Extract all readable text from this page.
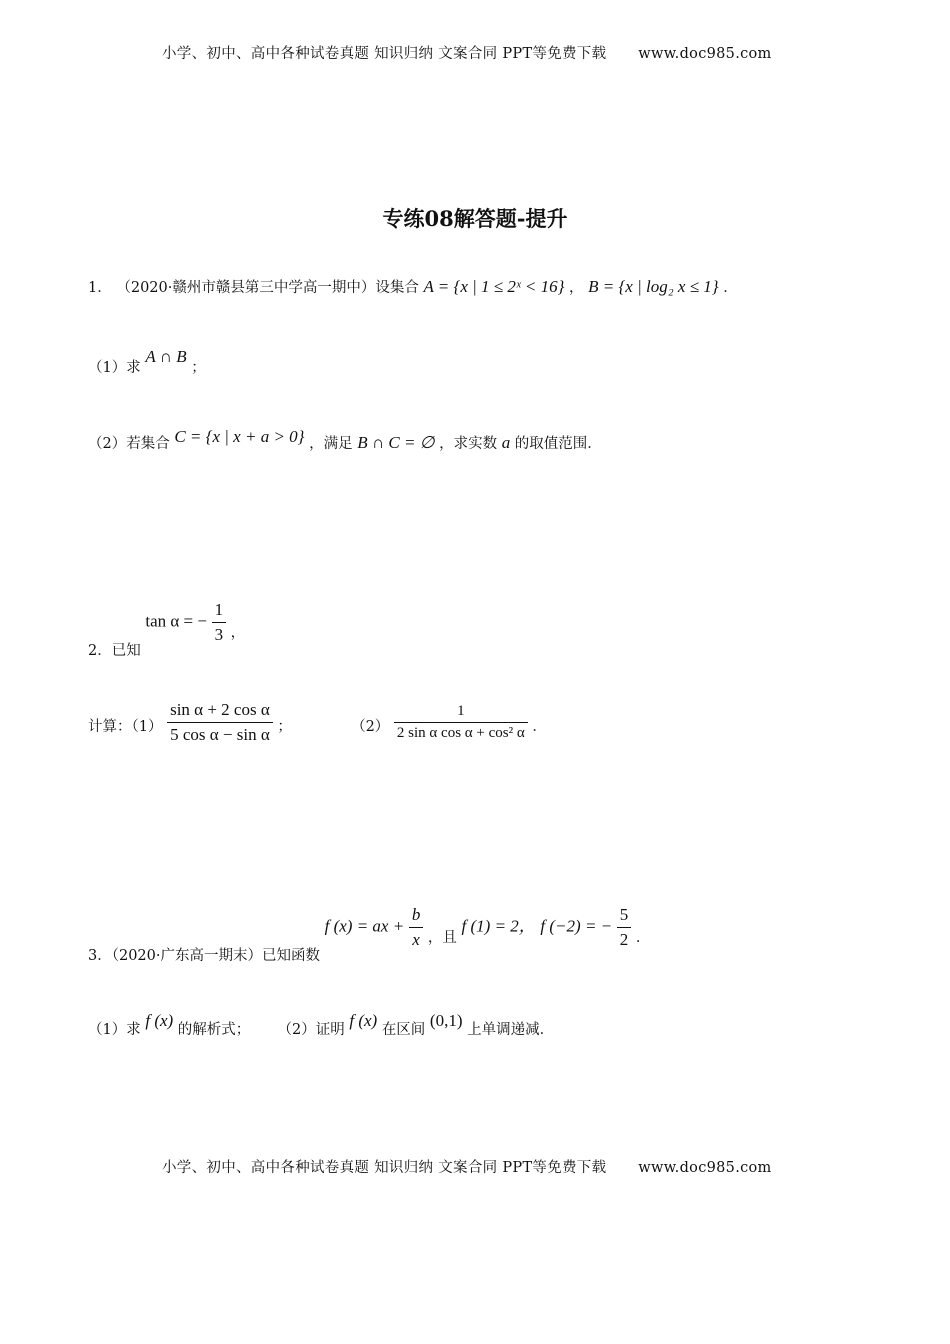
小学、初中、高中各种试卷真题 知识归纳 文案合同 PPT等免费下载 www.doc985.com
专练08解答题-提升
1． （2020·赣州市赣县第三中学高一期中）设集合 A = {x | 1 ≤ 2ˣ < 16} ， B = {x | log₂ x ≤ 1} ．
（1）求 A ∩ B ；
（2）若集合 C = {x | x + a > 0} ，满足 B ∩ C = ∅ ，求实数 a 的取值范围．
2．已知 tan α = − $\frac{1}{3}$ ，
计算：$(1) \frac{\text{sin α + 2 cos α}}{\text{5 cos α − sin α}}$ ；	$(2) \frac{1}{\text{2 sin α cos α + cos² α}}$ ．
3．（2020·广东高一期末）已知函数 f (x) = ax + $\frac{b}{x}$ ，且 f (1) = 2， f (−2) = − $\frac{5}{2}$ ．
（1）求 f (x) 的解析式； （2）证明 f (x) 在区间 (0,1) 上单调递减．
小学、初中、高中各种试卷真题 知识归纳 文案合同 PPT等免费下载 www.doc985.com
